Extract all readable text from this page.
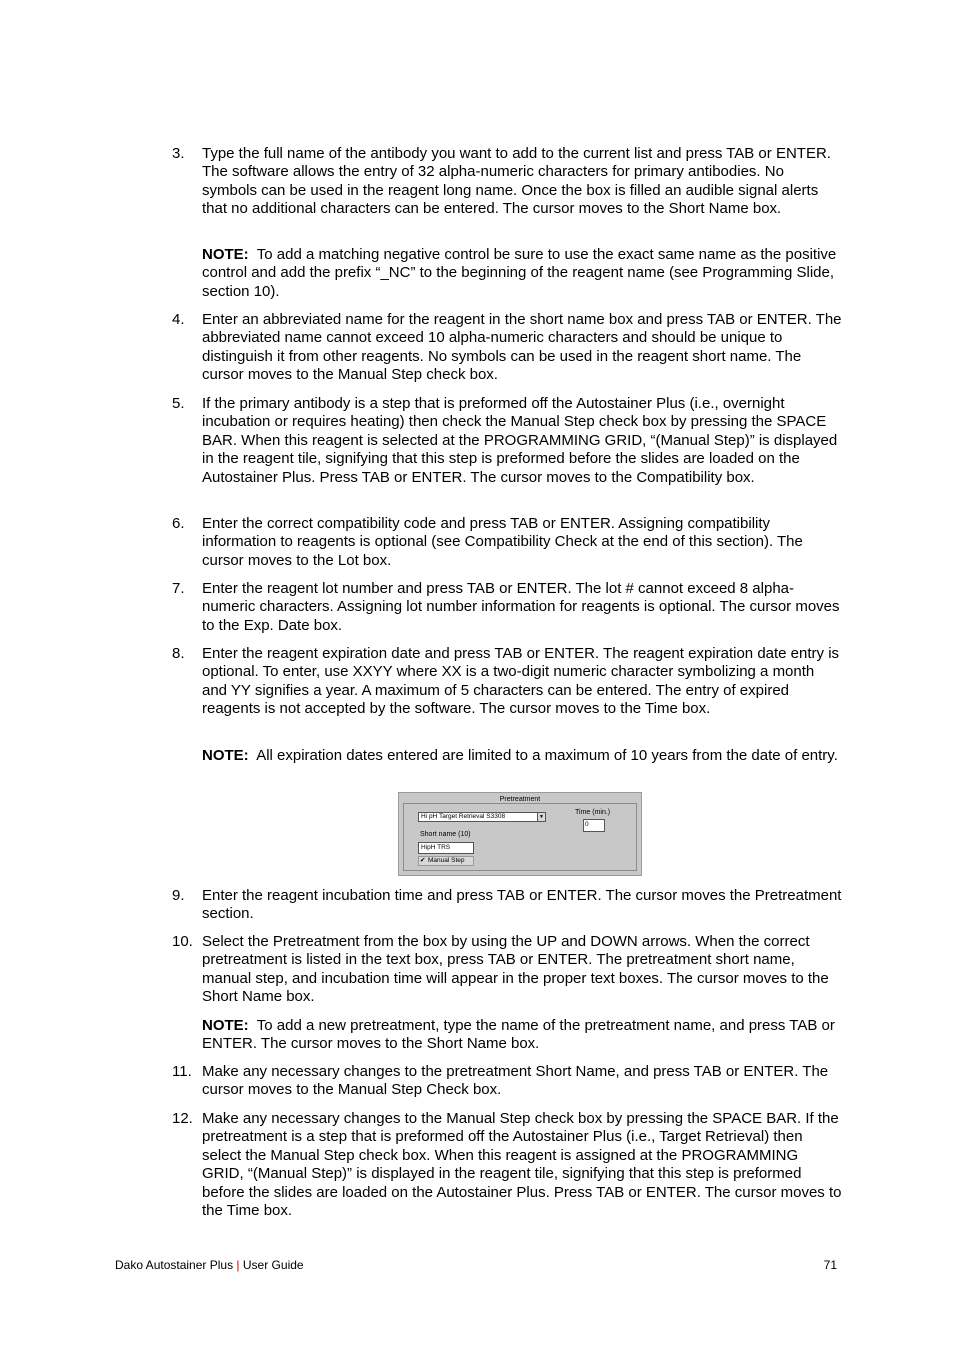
3.	Type the full name of the antibody you want to add to the current list and press TAB or ENTER. The software allows the entry of 32 alpha-numeric characters for primary antibodies. No symbols can be used in the reagent long name. Once the box is filled an audible signal alerts that no additional characters can be entered. The cursor moves to the Short Name box.
NOTE: To add a matching negative control be sure to use the exact same name as the positive control and add the prefix “_NC” to the beginning of the reagent name (see Programming Slide, section 10).
4.	Enter an abbreviated name for the reagent in the short name box and press TAB or ENTER. The abbreviated name cannot exceed 10 alpha-numeric characters and should be unique to distinguish it from other reagents. No symbols can be used in the reagent short name. The cursor moves to the Manual Step check box.
5.	If the primary antibody is a step that is preformed off the Autostainer Plus (i.e., overnight incubation or requires heating) then check the Manual Step check box by pressing the SPACE BAR. When this reagent is selected at the PROGRAMMING GRID, “(Manual Step)” is displayed in the reagent tile, signifying that this step is preformed before the slides are loaded on the Autostainer Plus. Press TAB or ENTER. The cursor moves to the Compatibility box.
6.	Enter the correct compatibility code and press TAB or ENTER. Assigning compatibility information to reagents is optional (see Compatibility Check at the end of this section). The cursor moves to the Lot box.
7.	Enter the reagent lot number and press TAB or ENTER. The lot # cannot exceed 8 alpha-numeric characters. Assigning lot number information for reagents is optional. The cursor moves to the Exp. Date box.
8.	Enter the reagent expiration date and press TAB or ENTER. The reagent expiration date entry is optional. To enter, use XXYY where XX is a two-digit numeric character symbolizing a month and YY signifies a year. A maximum of 5 characters can be entered. The entry of expired reagents is not accepted by the software. The cursor moves to the Time box.
NOTE: All expiration dates entered are limited to a maximum of 10 years from the date of entry.
Pretreatment
Hi pH Target Retrieval S3308	▼
Time (min.)
0
Short name (10)
HipH TRS
✔ Manual Step
9.	Enter the reagent incubation time and press TAB or ENTER. The cursor moves the Pretreatment section.
10. Select the Pretreatment from the box by using the UP and DOWN arrows. When the correct pretreatment is listed in the text box, press TAB or ENTER. The pretreatment short name, manual step, and incubation time will appear in the proper text boxes. The cursor moves to the Short Name box.
NOTE: To add a new pretreatment, type the name of the pretreatment name, and press TAB or ENTER. The cursor moves to the Short Name box.
11. Make any necessary changes to the pretreatment Short Name, and press TAB or ENTER. The cursor moves to the Manual Step Check box.
12. Make any necessary changes to the Manual Step check box by pressing the SPACE BAR. If the pretreatment is a step that is preformed off the Autostainer Plus (i.e., Target Retrieval) then select the Manual Step check box. When this reagent is assigned at the PROGRAMMING GRID, “(Manual Step)” is displayed in the reagent tile, signifying that this step is preformed before the slides are loaded on the Autostainer Plus. Press TAB or ENTER. The cursor moves to the Time box.
Dako Autostainer Plus | User Guide	71
